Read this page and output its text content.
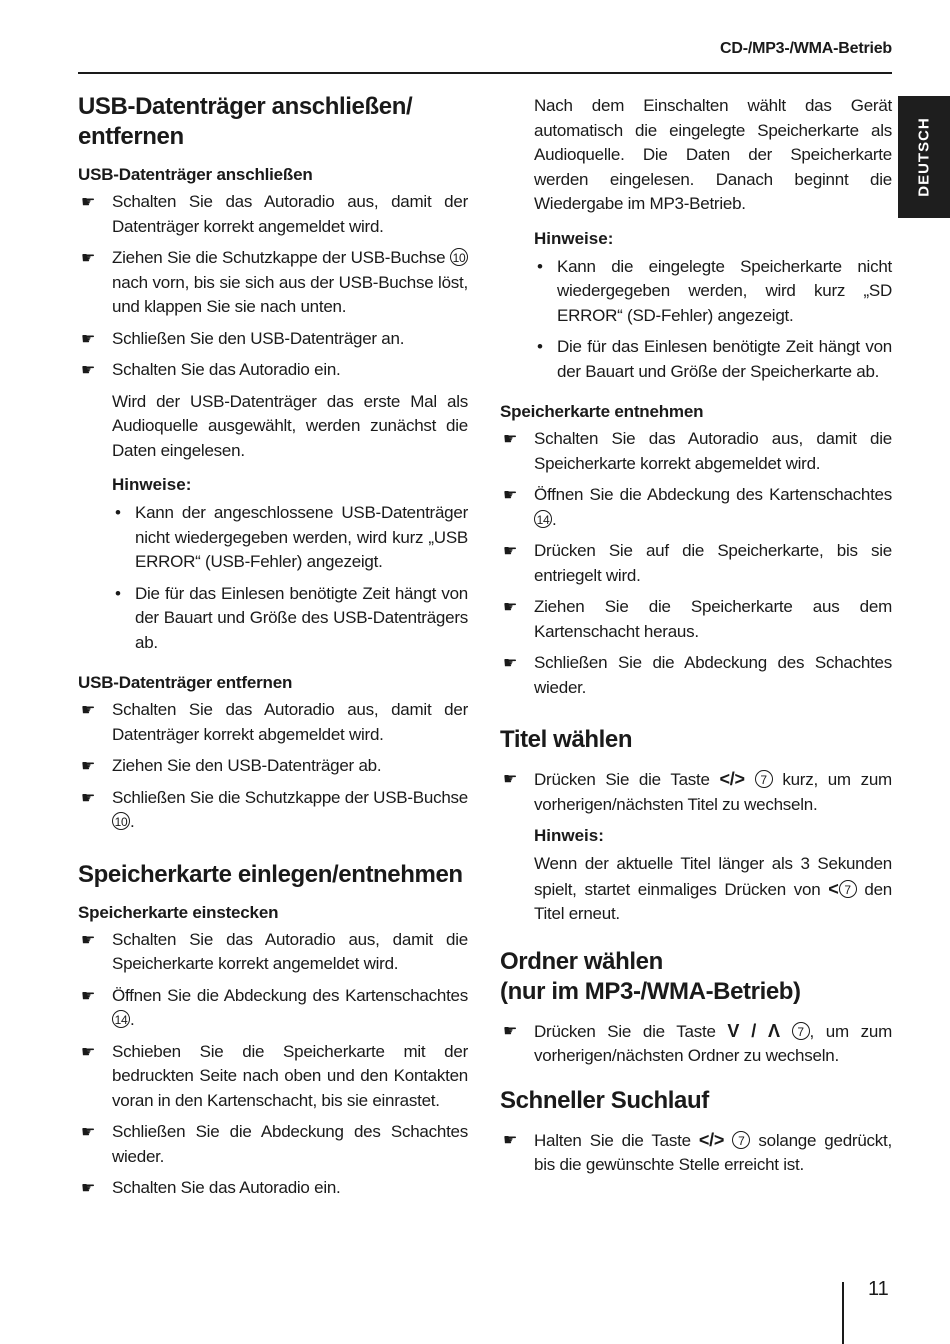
CD-/MP3-/WMA-Betrieb
DEUTSCH
USB-Datenträger anschließen/ entfernen
USB-Datenträger anschließen
☛ Schalten Sie das Autoradio aus, damit der Datenträger korrekt angemeldet wird.
☛ Ziehen Sie die Schutzkappe der USB-Buchse 10 nach vorn, bis sie sich aus der USB-Buchse löst, und klappen Sie sie nach unten.
☛ Schließen Sie den USB-Datenträger an.
☛ Schalten Sie das Autoradio ein.
Wird der USB-Datenträger das erste Mal als Audioquelle ausgewählt, werden zunächst die Daten eingelesen.
Hinweise:
• Kann der angeschlossene USB-Datenträger nicht wiedergegeben werden, wird kurz „USB ERROR“ (USB-Fehler) angezeigt.
• Die für das Einlesen benötigte Zeit hängt von der Bauart und Größe des USB-Datenträgers ab.
USB-Datenträger entfernen
☛ Schalten Sie das Autoradio aus, damit der Datenträger korrekt abgemeldet wird.
☛ Ziehen Sie den USB-Datenträger ab.
☛ Schließen Sie die Schutzkappe der USB-Buchse 10 .
Speicherkarte einlegen/entnehmen
Speicherkarte einstecken
☛ Schalten Sie das Autoradio aus, damit die Speicherkarte korrekt angemeldet wird.
☛ Öffnen Sie die Abdeckung des Kartenschachtes 14 .
☛ Schieben Sie die Speicherkarte mit der bedruckten Seite nach oben und den Kontakten voran in den Kartenschacht, bis sie einrastet.
☛ Schließen Sie die Abdeckung des Schachtes wieder.
☛ Schalten Sie das Autoradio ein.
Nach dem Einschalten wählt das Gerät automatisch die eingelegte Speicherkarte als Audioquelle. Die Daten der Speicherkarte werden eingelesen. Danach beginnt die Wiedergabe im MP3-Betrieb.
Hinweise:
• Kann die eingelegte Speicherkarte nicht wiedergegeben werden, wird kurz „SD ERROR“ (SD-Fehler) angezeigt.
• Die für das Einlesen benötigte Zeit hängt von der Bauart und Größe der Speicherkarte ab.
Speicherkarte entnehmen
☛ Schalten Sie das Autoradio aus, damit die Speicherkarte korrekt abgemeldet wird.
☛ Öffnen Sie die Abdeckung des Kartenschachtes 14 .
☛ Drücken Sie auf die Speicherkarte, bis sie entriegelt wird.
☛ Ziehen Sie die Speicherkarte aus dem Kartenschacht heraus.
☛ Schließen Sie die Abdeckung des Schachtes wieder.
Titel wählen
☛ Drücken Sie die Taste </> 7 kurz, um zum vorherigen/nächsten Titel zu wechseln.
Hinweis:
Wenn der aktuelle Titel länger als 3 Sekunden spielt, startet einmaliges Drücken von < 7 den Titel erneut.
Ordner wählen
(nur im MP3-/WMA-Betrieb)
☛ Drücken Sie die Taste V / Λ 7 , um zum vorherigen/nächsten Ordner zu wechseln.
Schneller Suchlauf
☛ Halten Sie die Taste </> 7 solange gedrückt, bis die gewünschte Stelle erreicht ist.
11
